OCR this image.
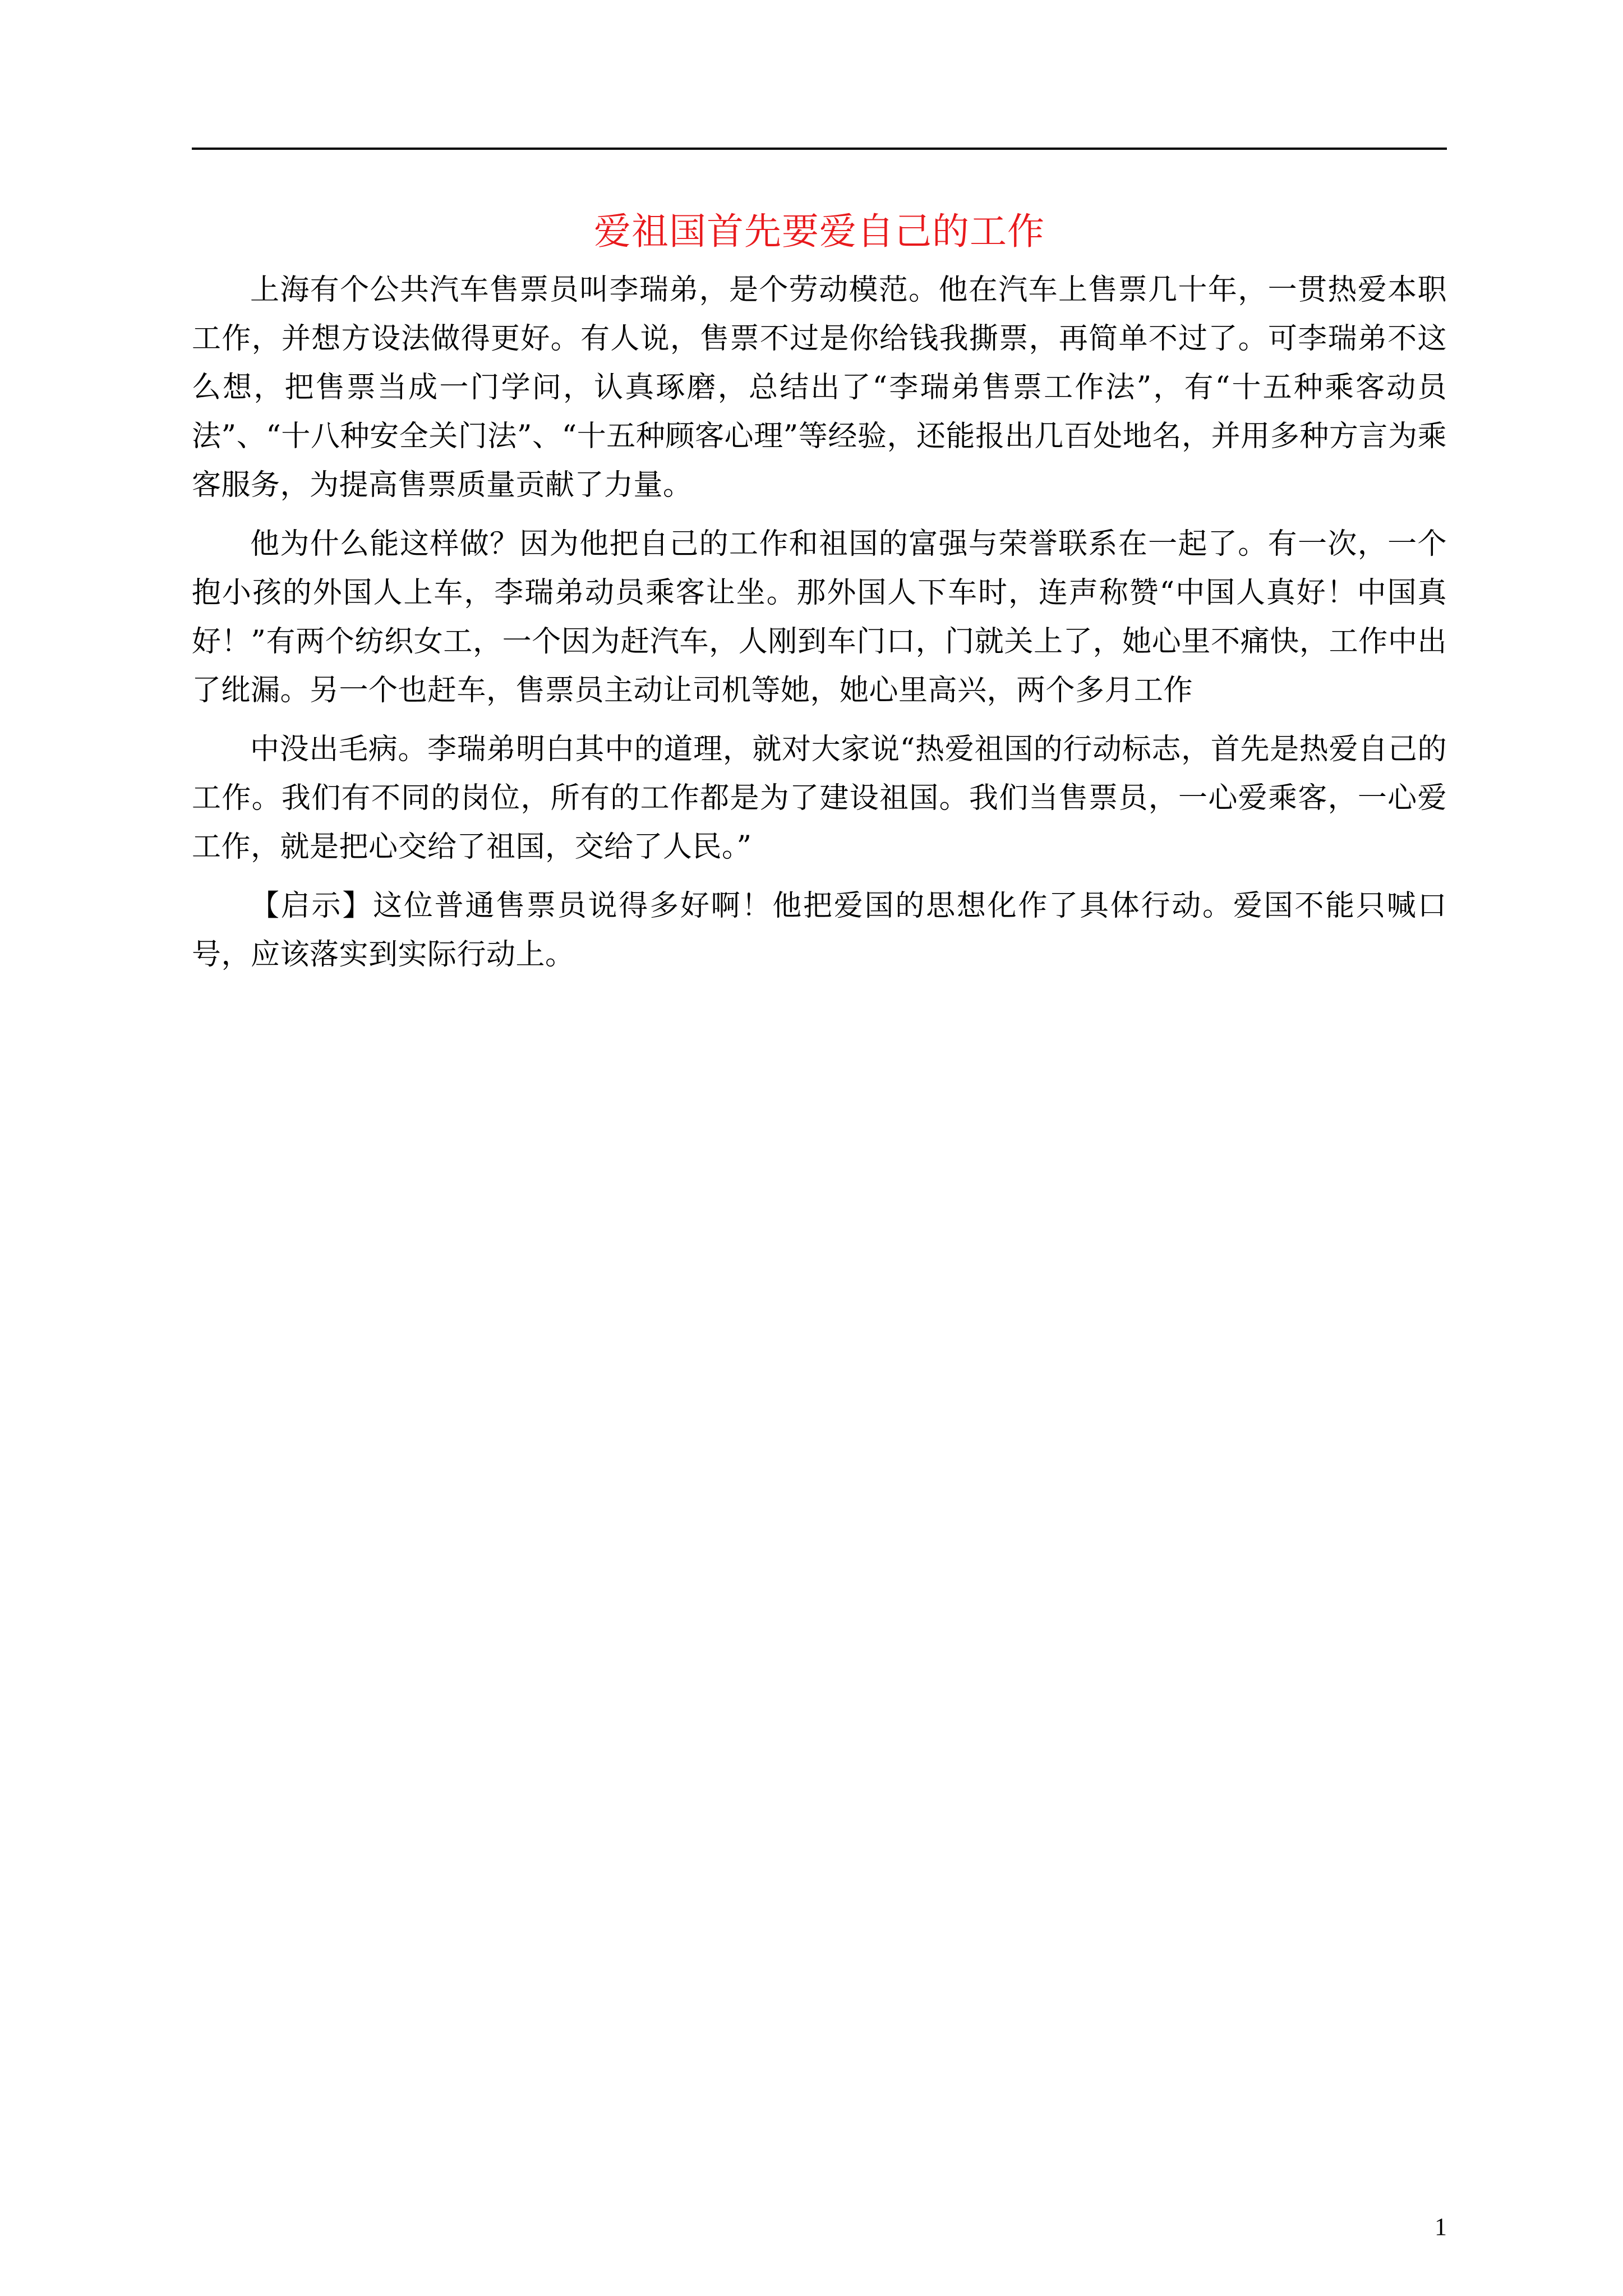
爱祖国首先要爱自己的工作

上海有个公共汽车售票员叫李瑞弟，是个劳动模范。他在汽车上售票几十年，一贯热爱本职工作，并想方设法做得更好。有人说，售票不过是你给钱我撕票，再简单不过了。可李瑞弟不这么想，把售票当成一门学问，认真琢磨，总结出了“李瑞弟售票工作法”，有“十五种乘客动员法”、“十八种安全关门法”、“十五种顾客心理”等经验，还能报出几百处地名，并用多种方言为乘客服务，为提高售票质量贡献了力量。

他为什么能这样做？因为他把自己的工作和祖国的富强与荣誉联系在一起了。有一次，一个抱小孩的外国人上车，李瑞弟动员乘客让坐。那外国人下车时，连声称赞“中国人真好！中国真好！”有两个纺织女工，一个因为赶汽车，人刚到车门口，门就关上了，她心里不痛快，工作中出了纰漏。另一个也赶车，售票员主动让司机等她，她心里高兴，两个多月工作

中没出毛病。李瑞弟明白其中的道理，就对大家说“热爱祖国的行动标志，首先是热爱自己的工作。我们有不同的岗位，所有的工作都是为了建设祖国。我们当售票员，一心爱乘客，一心爱工作，就是把心交给了祖国，交给了人民。”

【启示】这位普通售票员说得多好啊！他把爱国的思想化作了具体行动。爱国不能只喊口号，应该落实到实际行动上。

1
